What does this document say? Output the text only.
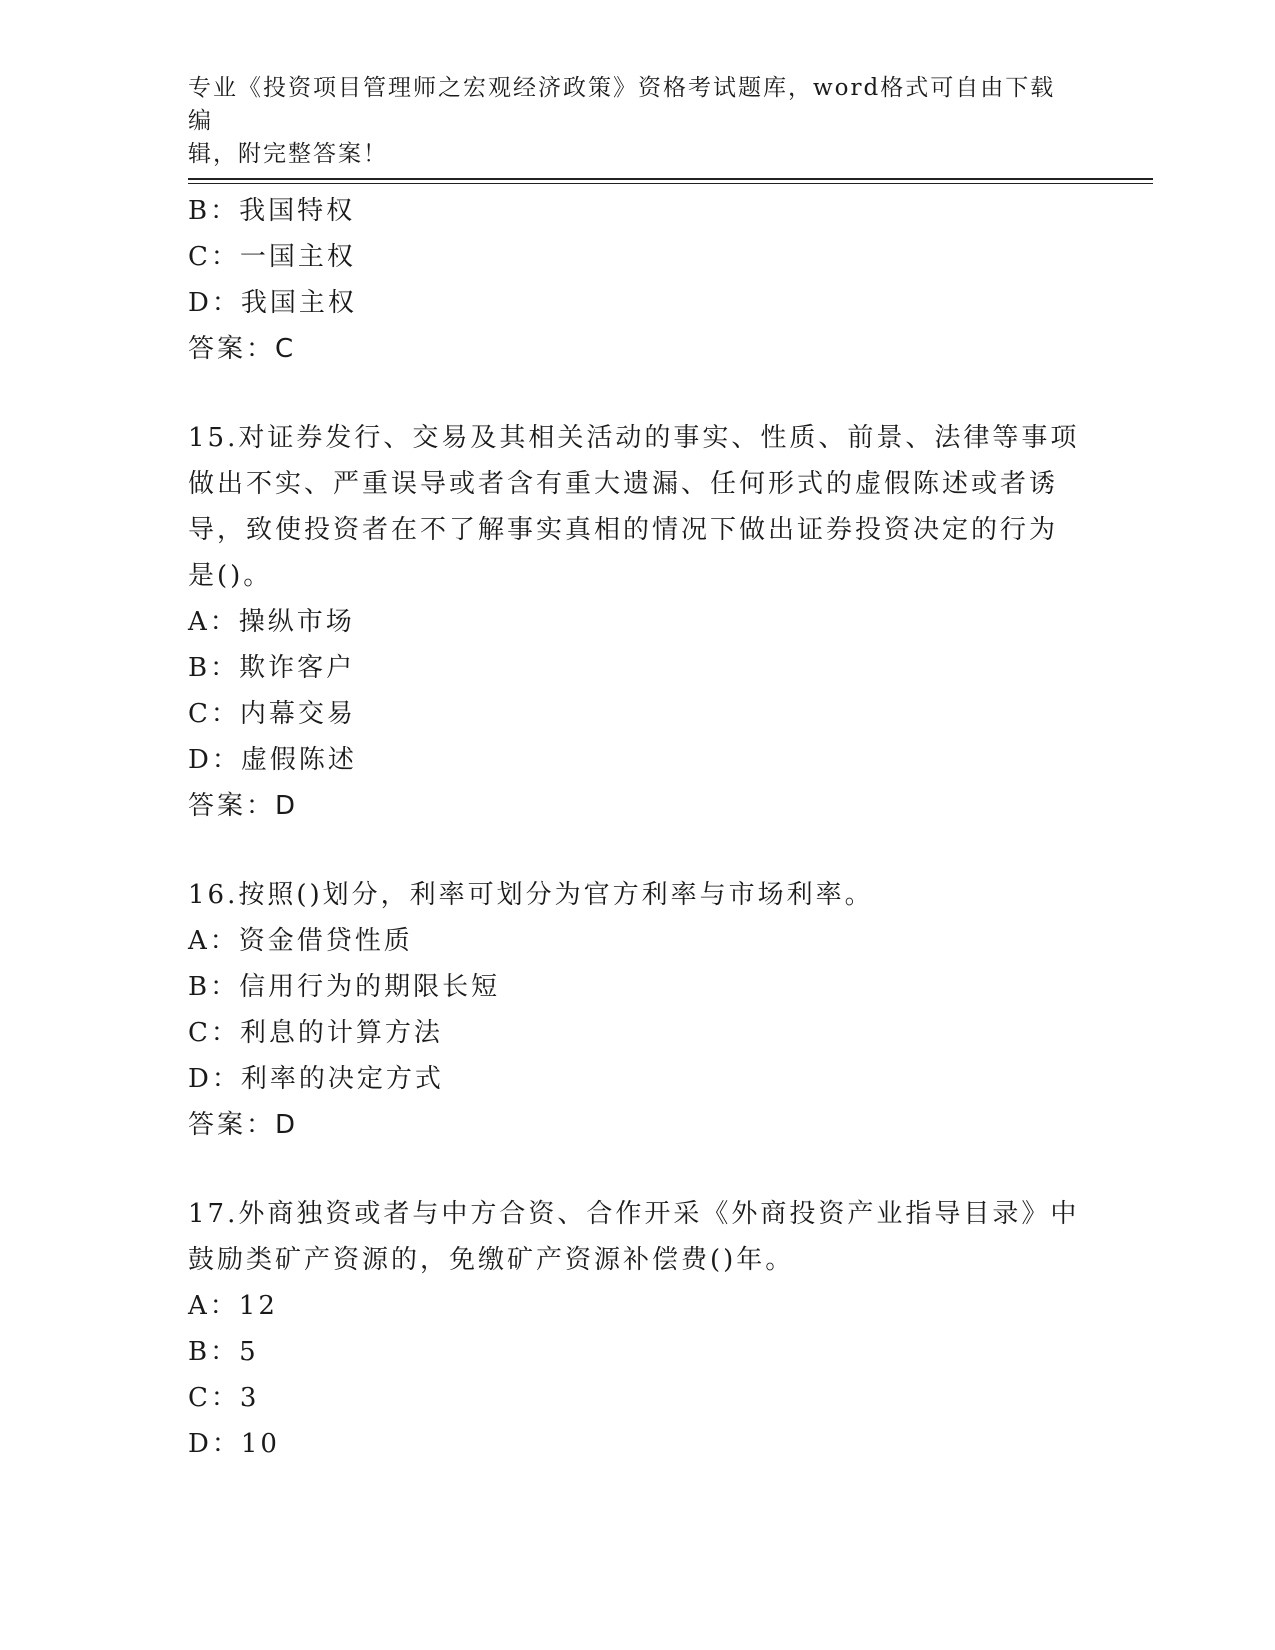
专业《投资项目管理师之宏观经济政策》资格考试题库，word格式可自由下载编
辑，附完整答案！
B：我国特权
C：一国主权
D：我国主权
答案：C
15.对证券发行、交易及其相关活动的事实、性质、前景、法律等事项
做出不实、严重误导或者含有重大遗漏、任何形式的虚假陈述或者诱
导，致使投资者在不了解事实真相的情况下做出证券投资决定的行为
是()。
A：操纵市场
B：欺诈客户
C：内幕交易
D：虚假陈述
答案：D
16.按照()划分，利率可划分为官方利率与市场利率。
A：资金借贷性质
B：信用行为的期限长短
C：利息的计算方法
D：利率的决定方式
答案：D
17.外商独资或者与中方合资、合作开采《外商投资产业指导目录》中
鼓励类矿产资源的，免缴矿产资源补偿费()年。
A：12
B：5
C：3
D：10
